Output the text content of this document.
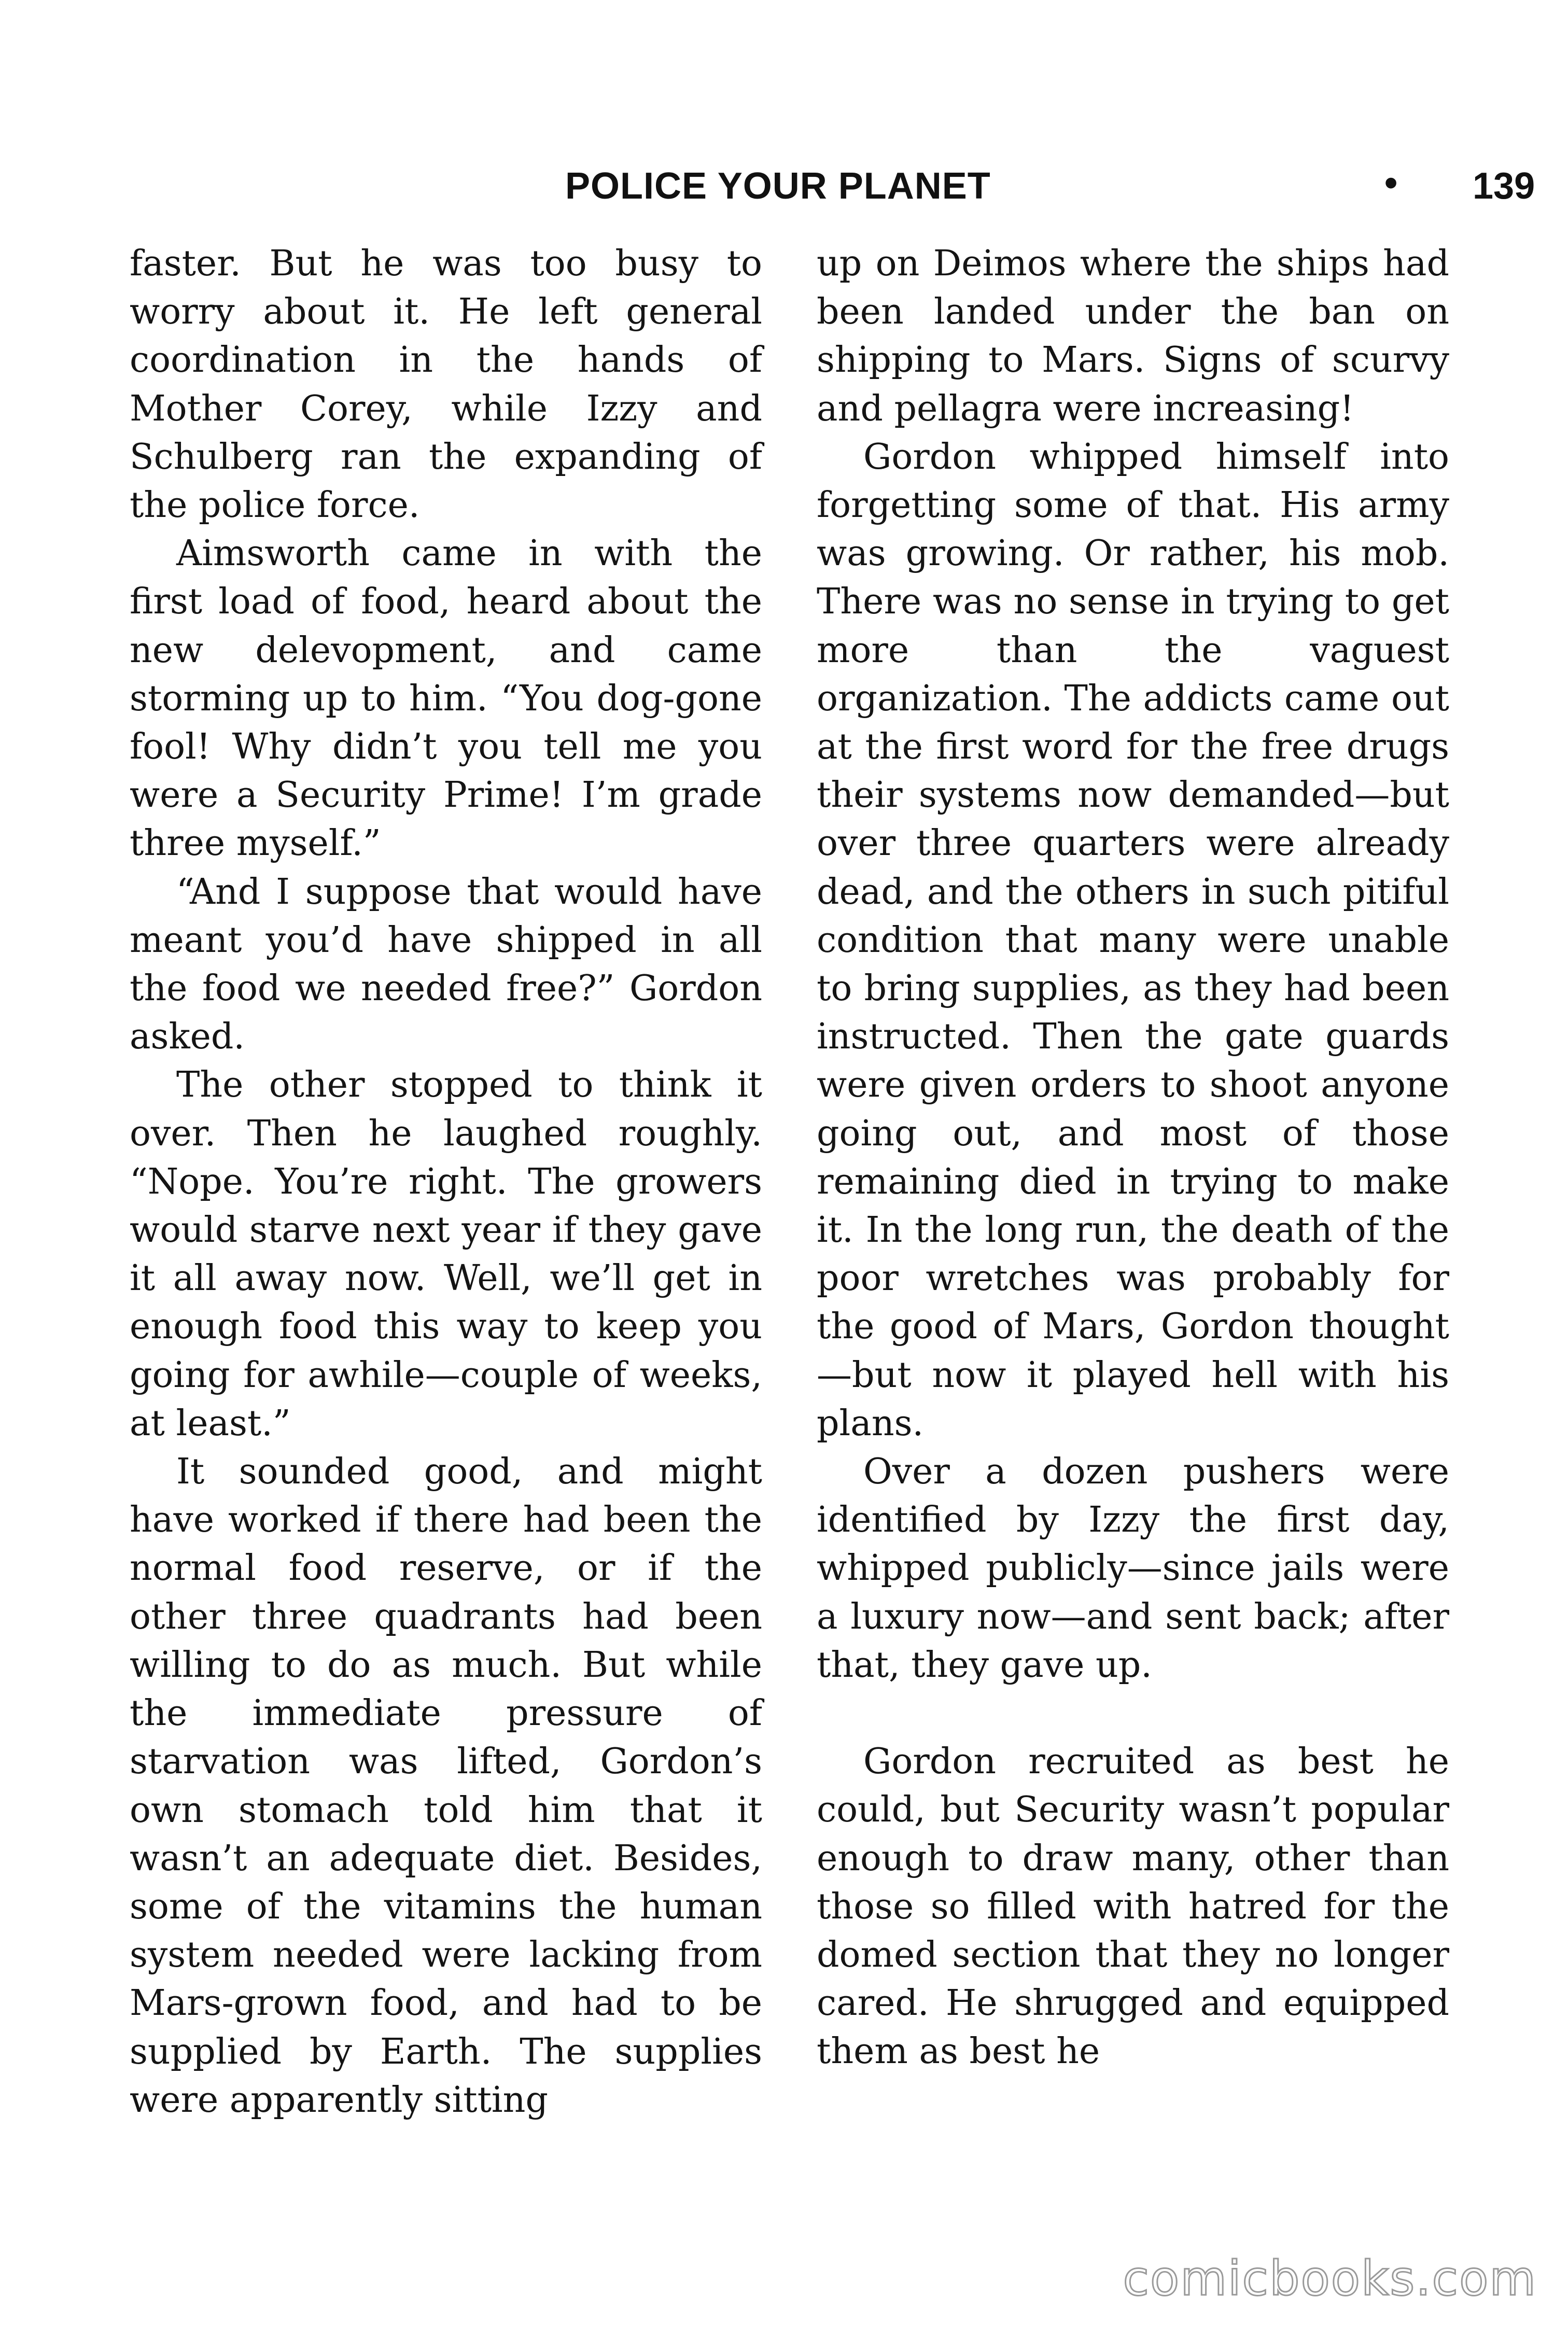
POLICE YOUR PLANET	• 139

faster. But he was too busy to worry about it. He left general coordination in the hands of Mother Corey, while Izzy and Schulberg ran the expanding of the police force.

Aimsworth came in with the first load of food, heard about the new delevopment, and came storming up to him. “You dog-gone fool! Why didn’t you tell me you were a Security Prime! I’m grade three myself.”

“And I suppose that would have meant you’d have shipped in all the food we needed free?” Gordon asked.

The other stopped to think it over. Then he laughed roughly. “Nope. You’re right. The growers would starve next year if they gave it all away now. Well, we’ll get in enough food this way to keep you going for awhile—couple of weeks, at least.”

It sounded good, and might have worked if there had been the normal food reserve, or if the other three quadrants had been willing to do as much. But while the immediate pressure of starvation was lifted, Gordon’s own stomach told him that it wasn’t an adequate diet. Besides, some of the vitamins the human system needed were lacking from Mars-grown food, and had to be supplied by Earth. The supplies were apparently sitting

up on Deimos where the ships had been landed under the ban on shipping to Mars. Signs of scurvy and pellagra were increasing!

Gordon whipped himself into forgetting some of that. His army was growing. Or rather, his mob. There was no sense in trying to get more than the vaguest organization. The addicts came out at the first word for the free drugs their systems now demanded—but over three quarters were already dead, and the others in such pitiful condition that many were unable to bring supplies, as they had been instructed. Then the gate guards were given orders to shoot anyone going out, and most of those remaining died in trying to make it. In the long run, the death of the poor wretches was probably for the good of Mars, Gordon thought—but now it played hell with his plans.

Over a dozen pushers were identified by Izzy the first day, whipped publicly—since jails were a luxury now—and sent back; after that, they gave up.

Gordon recruited as best he could, but Security wasn’t popular enough to draw many, other than those so filled with hatred for the domed section that they no longer cared. He shrugged and equipped them as best he

comicbooks.com
